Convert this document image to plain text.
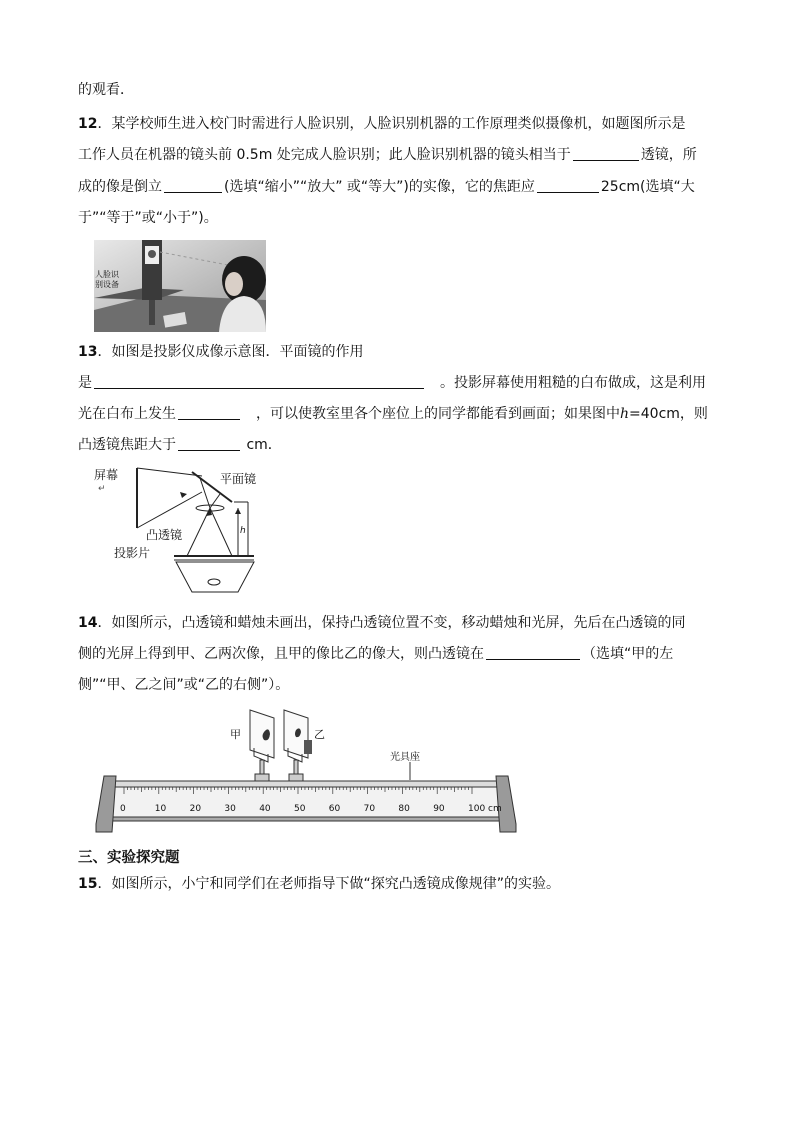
的观看．
12．某学校师生进入校门时需进行人脸识别，人脸识别机器的工作原理类似摄像机，如题图所示是
工作人员在机器的镜头前 0.5m 处完成人脸识别；此人脸识别机器的镜头相当于	透镜，所
成的像是倒立	(选填“缩小”“放大” 或“等大”)的实像，它的焦距应	25cm(选填“大
于”“等于”或“小于”)。
人脸识
别设备
13．如图是投影仪成像示意图．平面镜的作用
是　	。投影屏幕使用粗糙的白布做成，这是利用
光在白布上发生　	，可以使教室里各个座位上的同学都能看到画面；如果图中h=40cm，则
凸透镜焦距大于	cm．
屏幕
↵
平面镜
凸透镜
投影片
h
14．如图所示，凸透镜和蜡烛未画出，保持凸透镜位置不变，移动蜡烛和光屏，先后在凸透镜的同
侧的光屏上得到甲、乙两次像，且甲的像比乙的像大，则凸透镜在	（选填“甲的左
侧”“甲、乙之间”或“乙的右侧”）。
0	10	20	30	40	50	60	70	80	90	100 cm
甲	乙
光具座
三、实验探究题
15．如图所示，小宁和同学们在老师指导下做“探究凸透镜成像规律”的实验。
